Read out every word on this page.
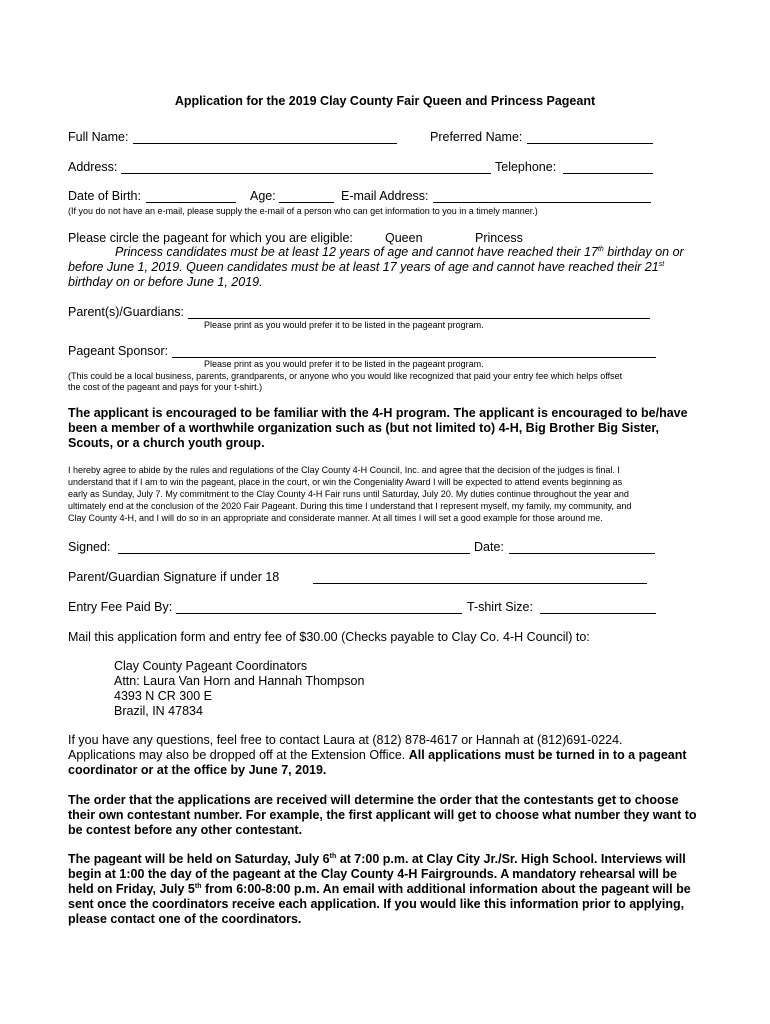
Application for the 2019 Clay County Fair Queen and Princess Pageant
Full Name:	Preferred Name:
Address:	Telephone:
Date of Birth:	Age:	E-mail Address:
(If you do not have an e-mail, please supply the e-mail of a person who can get information to you in a timely manner.)
Please circle the pageant for which you are eligible:	Queen	Princess
Princess candidates must be at least 12 years of age and cannot have reached their 17th birthday on or
before June 1, 2019. Queen candidates must be at least 17 years of age and cannot have reached their 21st
birthday on or before June 1, 2019.
Parent(s)/Guardians:
Please print as you would prefer it to be listed in the pageant program.
Pageant Sponsor:
Please print as you would prefer it to be listed in the pageant program.
(This could be a local business, parents, grandparents, or anyone who you would like recognized that paid your entry fee which helps offset
the cost of the pageant and pays for your t-shirt.)
The applicant is encouraged to be familiar with the 4-H program. The applicant is encouraged to be/have
been a member of a worthwhile organization such as (but not limited to) 4-H, Big Brother Big Sister,
Scouts, or a church youth group.
I hereby agree to abide by the rules and regulations of the Clay County 4-H Council, Inc. and agree that the decision of the judges is final. I
understand that if I am to win the pageant, place in the court, or win the Congeniality Award I will be expected to attend events beginning as
early as Sunday, July 7. My commitment to the Clay County 4-H Fair runs until Saturday, July 20. My duties continue throughout the year and
ultimately end at the conclusion of the 2020 Fair Pageant. During this time I understand that I represent myself, my family, my community, and
Clay County 4-H, and I will do so in an appropriate and considerate manner. At all times I will set a good example for those around me.
Signed:	Date:
Parent/Guardian Signature if under 18
Entry Fee Paid By:	T-shirt Size:
Mail this application form and entry fee of $30.00 (Checks payable to Clay Co. 4-H Council) to:
Clay County Pageant Coordinators
Attn: Laura Van Horn and Hannah Thompson
4393 N CR 300 E
Brazil, IN 47834
If you have any questions, feel free to contact Laura at (812) 878-4617 or Hannah at (812)691-0224.
Applications may also be dropped off at the Extension Office. All applications must be turned in to a pageant
coordinator or at the office by June 7, 2019.
The order that the applications are received will determine the order that the contestants get to choose
their own contestant number. For example, the first applicant will get to choose what number they want to
be contest before any other contestant.
The pageant will be held on Saturday, July 6th at 7:00 p.m. at Clay City Jr./Sr. High School. Interviews will
begin at 1:00 the day of the pageant at the Clay County 4-H Fairgrounds. A mandatory rehearsal will be
held on Friday, July 5th from 6:00-8:00 p.m. An email with additional information about the pageant will be
sent once the coordinators receive each application. If you would like this information prior to applying,
please contact one of the coordinators.
